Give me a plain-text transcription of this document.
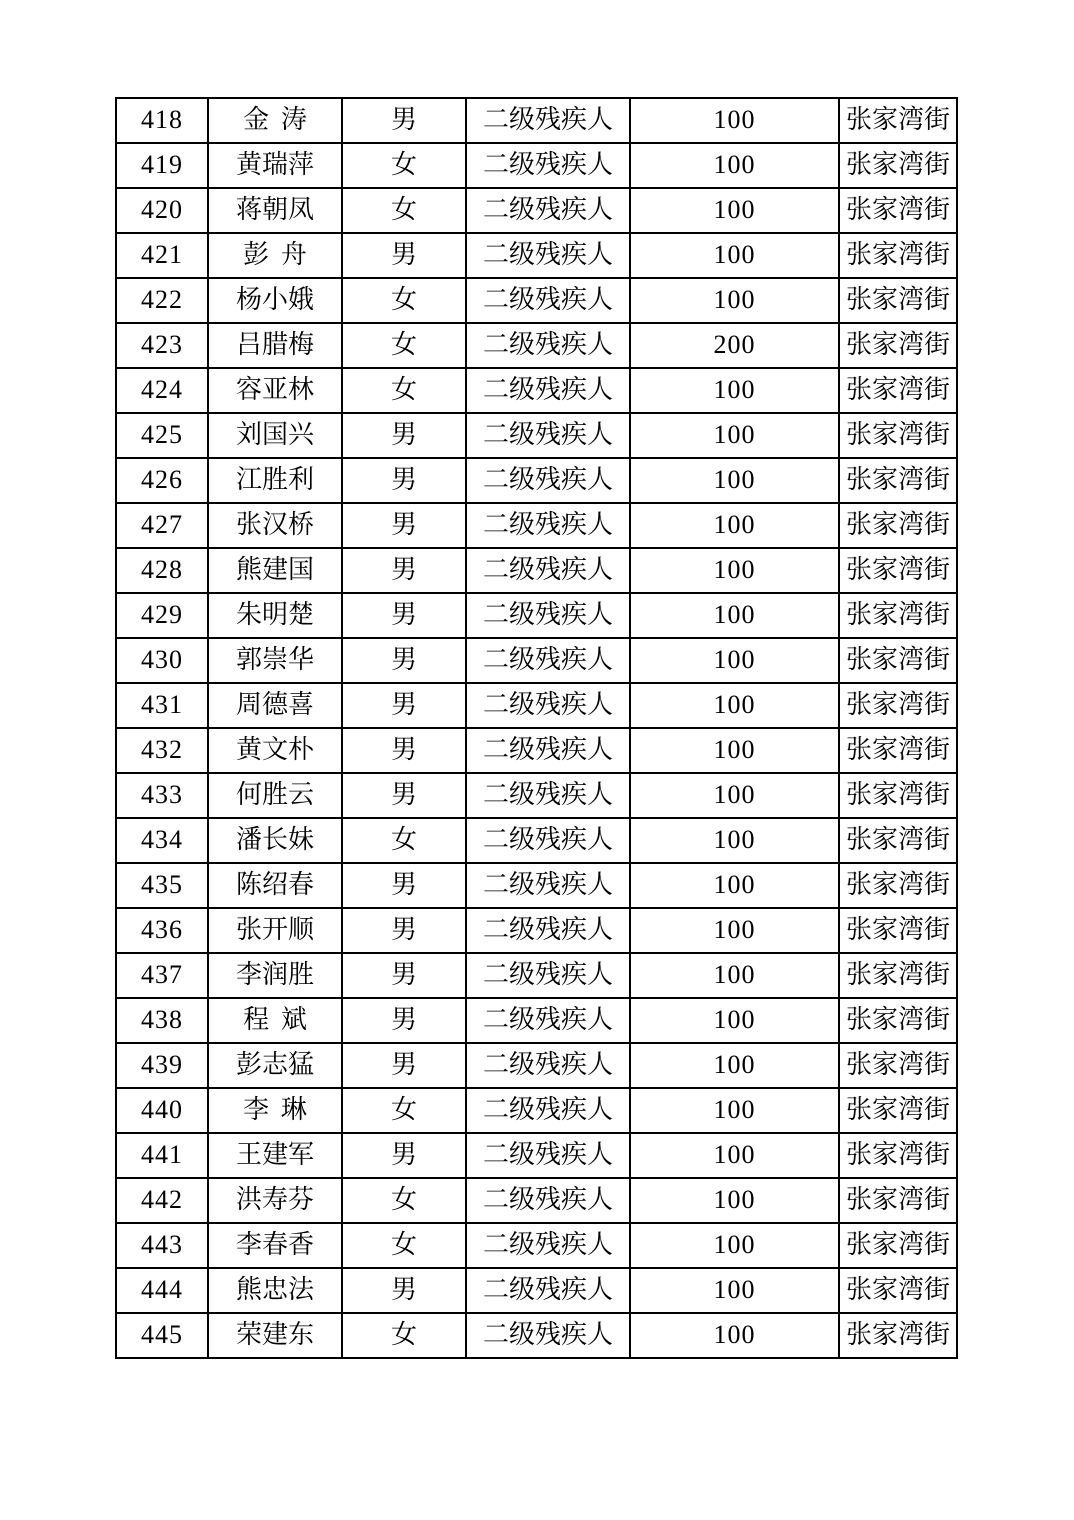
418	金涛	男	二级残疾人	100	张家湾街
419	黄瑞萍	女	二级残疾人	100	张家湾街
420	蒋朝凤	女	二级残疾人	100	张家湾街
421	彭舟	男	二级残疾人	100	张家湾街
422	杨小娥	女	二级残疾人	100	张家湾街
423	吕腊梅	女	二级残疾人	200	张家湾街
424	容亚林	女	二级残疾人	100	张家湾街
425	刘国兴	男	二级残疾人	100	张家湾街
426	江胜利	男	二级残疾人	100	张家湾街
427	张汉桥	男	二级残疾人	100	张家湾街
428	熊建国	男	二级残疾人	100	张家湾街
429	朱明楚	男	二级残疾人	100	张家湾街
430	郭崇华	男	二级残疾人	100	张家湾街
431	周德喜	男	二级残疾人	100	张家湾街
432	黄文朴	男	二级残疾人	100	张家湾街
433	何胜云	男	二级残疾人	100	张家湾街
434	潘长妹	女	二级残疾人	100	张家湾街
435	陈绍春	男	二级残疾人	100	张家湾街
436	张开顺	男	二级残疾人	100	张家湾街
437	李润胜	男	二级残疾人	100	张家湾街
438	程斌	男	二级残疾人	100	张家湾街
439	彭志猛	男	二级残疾人	100	张家湾街
440	李琳	女	二级残疾人	100	张家湾街
441	王建军	男	二级残疾人	100	张家湾街
442	洪寿芬	女	二级残疾人	100	张家湾街
443	李春香	女	二级残疾人	100	张家湾街
444	熊忠法	男	二级残疾人	100	张家湾街
445	荣建东	女	二级残疾人	100	张家湾街
